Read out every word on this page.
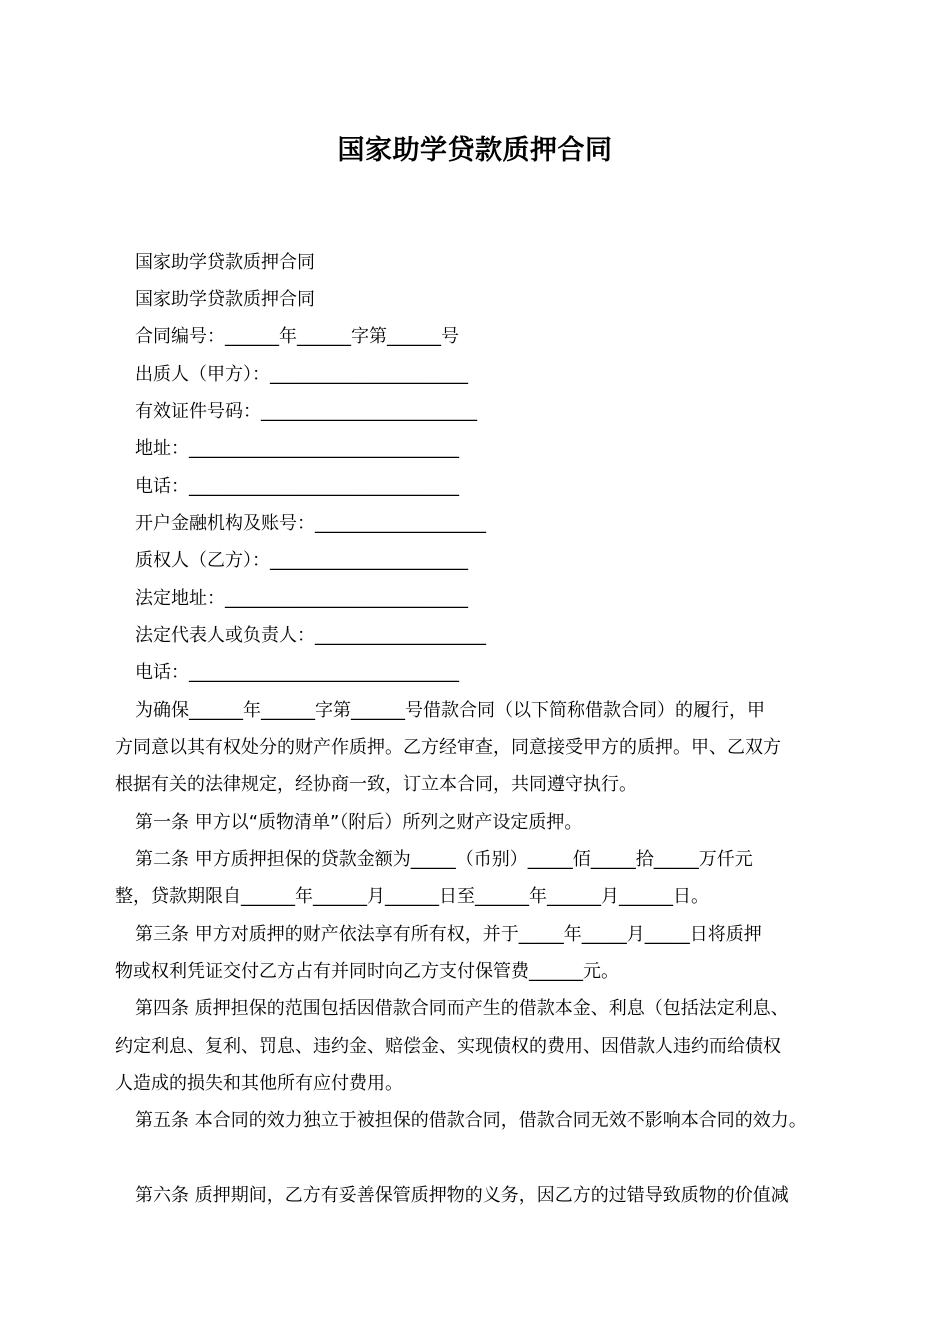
国家助学贷款质押合同
国家助学贷款质押合同
国家助学贷款质押合同
合同编号：______年______字第______号
出质人（甲方）：______________________
有效证件号码：________________________
地址：______________________________
电话：______________________________
开户金融机构及账号：___________________
质权人（乙方）：______________________
法定地址：___________________________
法定代表人或负责人：___________________
电话：______________________________
为确保______年______字第______号借款合同（以下简称借款合同）的履行，甲
方同意以其有权处分的财产作质押。乙方经审查，同意接受甲方的质押。甲、乙双方
根据有关的法律规定，经协商一致，订立本合同，共同遵守执行。
第一条 甲方以“质物清单”（附后）所列之财产设定质押。
第二条 甲方质押担保的贷款金额为_____（币别）_____佰_____拾_____万仟元
整，贷款期限自______年______月______日至______年______月______日。
第三条 甲方对质押的财产依法享有所有权，并于_____年_____月_____日将质押
物或权利凭证交付乙方占有并同时向乙方支付保管费______元。
第四条 质押担保的范围包括因借款合同而产生的借款本金、利息（包括法定利息、
约定利息、复利、罚息、违约金、赔偿金、实现债权的费用、因借款人违约而给债权
人造成的损失和其他所有应付费用。
第五条 本合同的效力独立于被担保的借款合同，借款合同无效不影响本合同的效力。
第六条 质押期间，乙方有妥善保管质押物的义务，因乙方的过错导致质物的价值减
